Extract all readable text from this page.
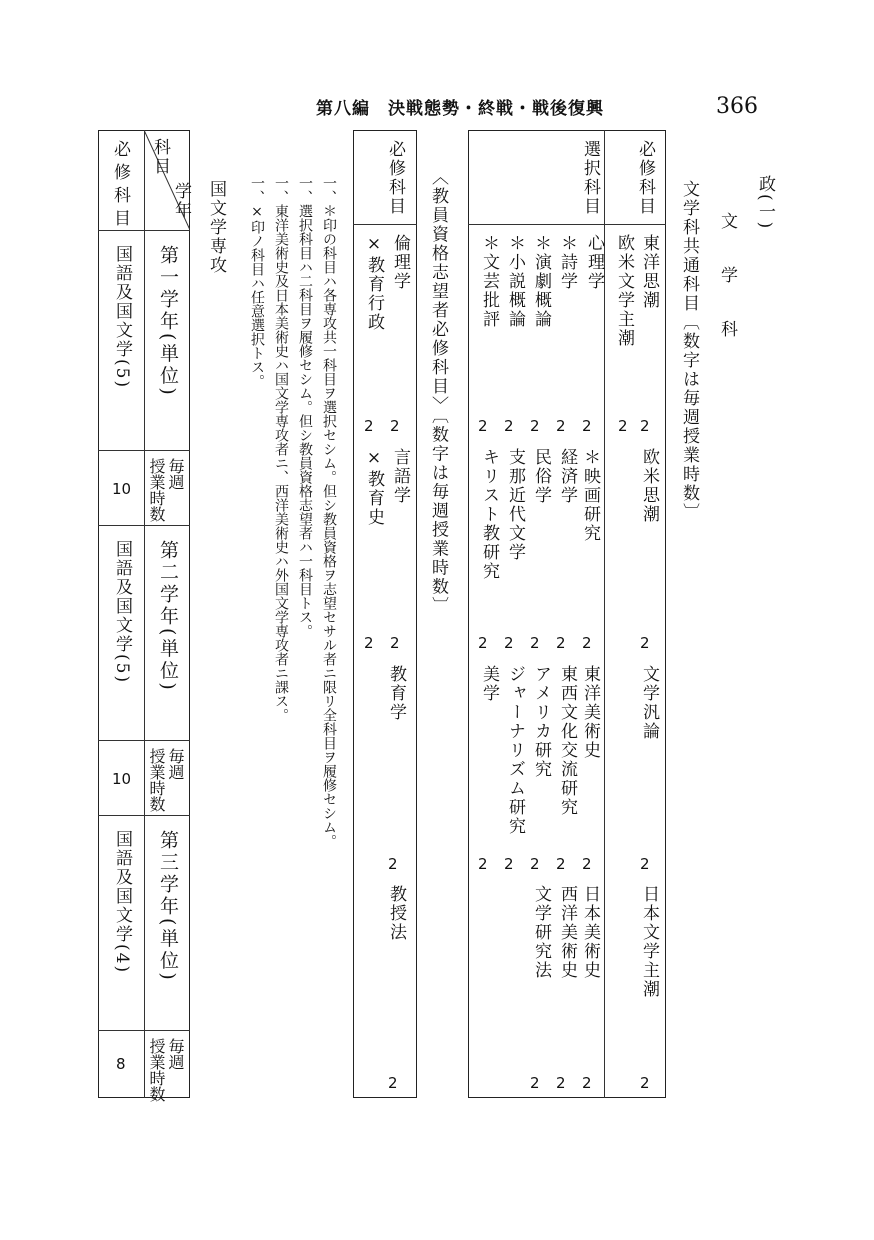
第八編　決戦態勢・終戦・戦後復興	366
政(一)
文　学　科
文学科共通科目〔数字は毎週授業時数〕
必修科目
選択科目
東洋思潮
欧米文学主潮
2 2
心理学
＊詩学
＊演劇概論
＊小説概論
＊文芸批評
2
2
2
2
2
欧米思潮
2
＊映画研究
経済学
民俗学
支那近代文学
キリスト教研究
2
2
2
2
2
文学汎論
2
東洋美術史
東西文化交流研究
アメリカ研究
ジャーナリズム研究
美学
2
2
2
2
2
日本文学主潮
2
日本美術史
西洋美術史
文学研究法
2
2
2
〈教員資格志望者必修科目〉〔数字は毎週授業時数〕
必修科目
倫理学
×教育行政
2
2
言語学
×教育史
2
2
教育学
2
教授法
2
一、＊印の科目ハ各専攻共一科目ヲ選択セシム。但シ教員資格ヲ志望セサル者ニ限リ全科目ヲ履修セシム。
一、選択科目ハ二科目ヲ履修セシム。但シ教員資格志望者ハ一科目トス。
一、東洋美術史及日本美術史ハ国文学専攻者ニ、西洋美術史ハ外国文学専攻者ニ課ス。
一、×印ノ科目ハ任意選択トス。
国文学専攻
学年
科目
必修科目
第一学年(単位)
国語及国文学(5)
毎週
授業時数
10
第二学年(単位)
国語及国文学(5)
毎週
授業時数
10
第三学年(単位)
国語及国文学(4)
毎週
授業時数
8
